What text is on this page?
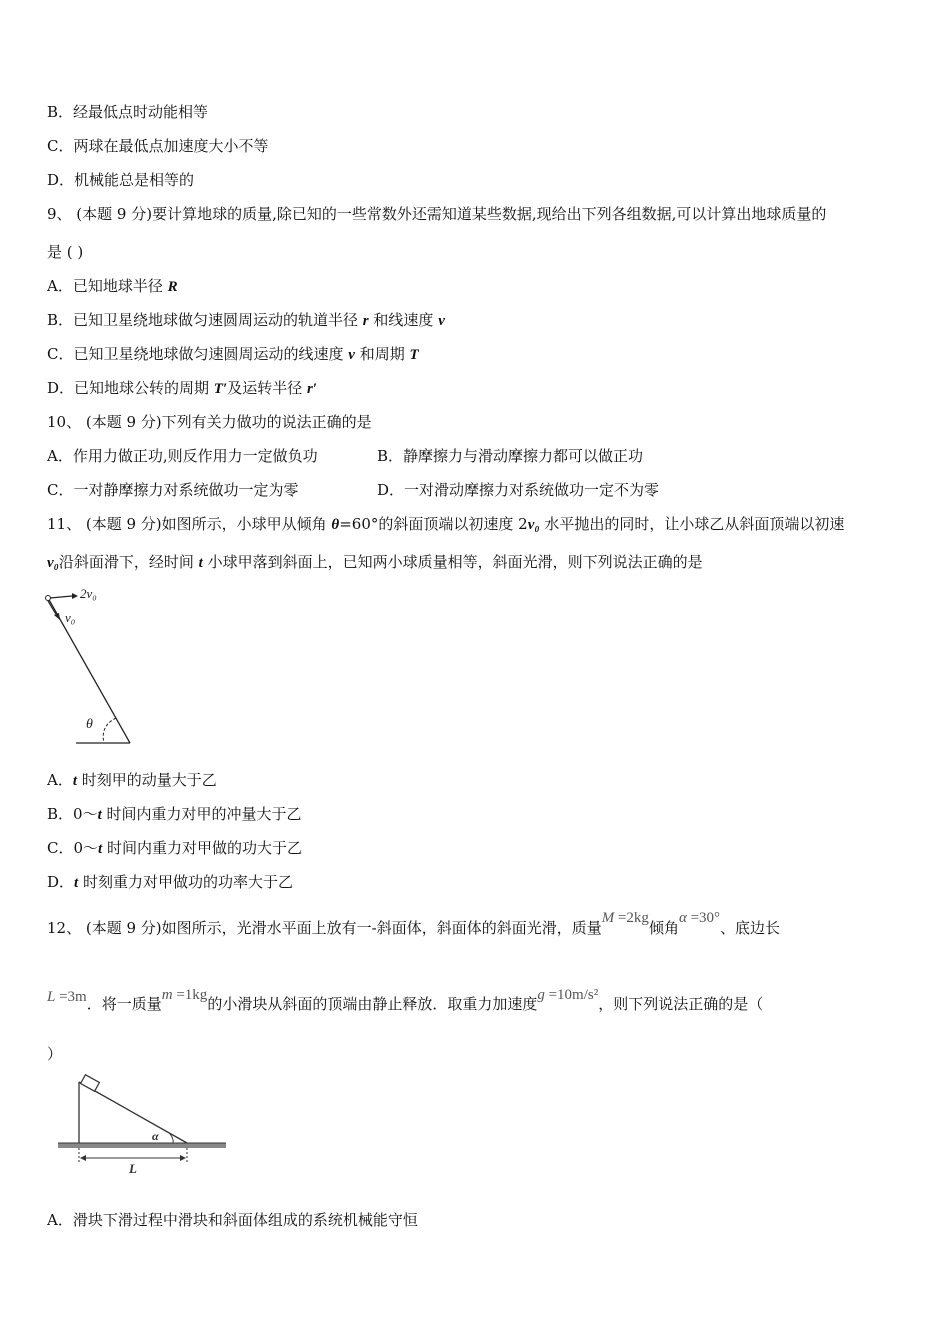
B．经最低点时动能相等
C．两球在最低点加速度大小不等
D．机械能总是相等的
9、 (本题 9 分)要计算地球的质量,除已知的一些常数外还需知道某些数据,现给出下列各组数据,可以计算出地球质量的
是 ( )
A．已知地球半径 R
B．已知卫星绕地球做匀速圆周运动的轨道半径 r 和线速度 v
C．已知卫星绕地球做匀速圆周运动的线速度 v 和周期 T
D．已知地球公转的周期 T′及运转半径 r′
10、 (本题 9 分)下列有关力做功的说法正确的是
A．作用力做正功,则反作用力一定做负功	B．静摩擦力与滑动摩擦力都可以做正功
C．一对静摩擦力对系统做功一定为零	D．一对滑动摩擦力对系统做功一定不为零
11、 (本题 9 分)如图所示，小球甲从倾角 θ=60°的斜面顶端以初速度 2v₀ 水平抛出的同时，让小球乙从斜面顶端以初速
v₀沿斜面滑下，经时间 t 小球甲落到斜面上，已知两小球质量相等，斜面光滑，则下列说法正确的是
2v₀
v₀
θ
A．t 时刻甲的动量大于乙
B．0～t 时间内重力对甲的冲量大于乙
C．0～t 时间内重力对甲做的功大于乙
D．t 时刻重力对甲做功的功率大于乙
12、 (本题 9 分)如图所示，光滑水平面上放有一-斜面体，斜面体的斜面光滑，质量M =2kg倾角α =30°、底边长
L =3m．将一质量m =1kg的小滑块从斜面的顶端由静止释放．取重力加速度g =10m/s²，则下列说法正确的是（
）
α
L
A．滑块下滑过程中滑块和斜面体组成的系统机械能守恒
